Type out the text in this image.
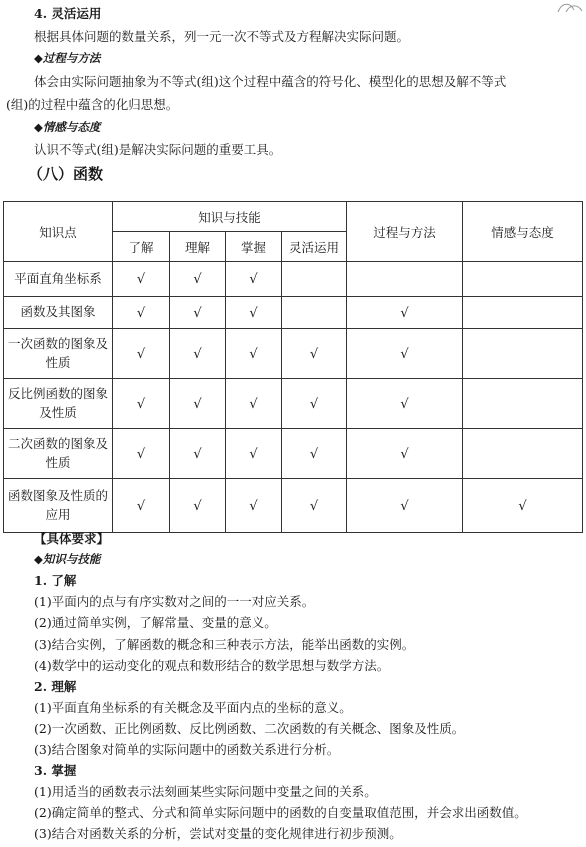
4. 灵活运用
根据具体问题的数量关系，列一元一次不等式及方程解决实际问题。
◆过程与方法
体会由实际问题抽象为不等式(组)这个过程中蕴含的符号化、模型化的思想及解不等式
(组)的过程中蕴含的化归思想。
◆情感与态度
认识不等式(组)是解决实际问题的重要工具。
（八）函数
知识点	知识与技能				过程与方法	情感与态度
	了解	理解	掌握	灵活运用		
平面直角坐标系	√	√	√			
函数及其图象	√	√	√		√	
一次函数的图象及性质	√	√	√	√	√	
反比例函数的图象及性质	√	√	√	√	√	
二次函数的图象及性质	√	√	√	√	√	
函数图象及性质的应用	√	√	√	√	√	√
【具体要求】
◆知识与技能
1. 了解
(1)平面内的点与有序实数对之间的一一对应关系。
(2)通过简单实例，了解常量、变量的意义。
(3)结合实例，了解函数的概念和三种表示方法，能举出函数的实例。
(4)数学中的运动变化的观点和数形结合的数学思想与数学方法。
2. 理解
(1)平面直角坐标系的有关概念及平面内点的坐标的意义。
(2)一次函数、正比例函数、反比例函数、二次函数的有关概念、图象及性质。
(3)结合图象对简单的实际问题中的函数关系进行分析。
3. 掌握
(1)用适当的函数表示法刻画某些实际问题中变量之间的关系。
(2)确定简单的整式、分式和简单实际问题中的函数的自变量取值范围，并会求出函数值。
(3)结合对函数关系的分析，尝试对变量的变化规律进行初步预测。
